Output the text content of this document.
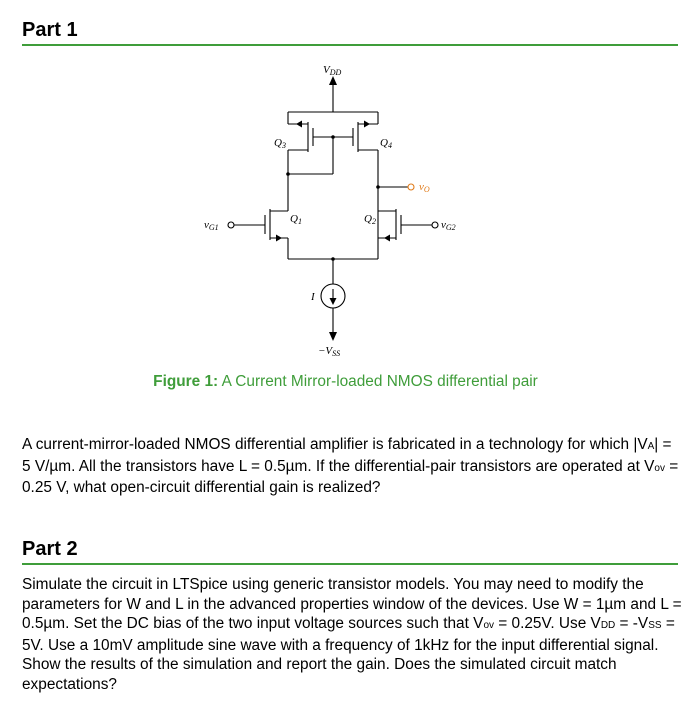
Part 1
VDD
−VSS
vO
vG1	vG2
Q1	Q2
Q3	Q4
I

Figure 1: A Current Mirror-loaded NMOS differential pair

A current-mirror-loaded NMOS differential amplifier is fabricated in a technology for which |VA| = 5 V/µm. All the transistors have L = 0.5µm. If the differential-pair transistors are operated at Vov = 0.25 V, what open-circuit differential gain is realized?

Part 2

Simulate the circuit in LTSpice using generic transistor models. You may need to modify the parameters for W and L in the advanced properties window of the devices. Use W = 1µm and L = 0.5µm. Set the DC bias of the two input voltage sources such that Vov = 0.25V. Use VDD = -VSS = 5V. Use a 10mV amplitude sine wave with a frequency of 1kHz for the input differential signal. Show the results of the simulation and report the gain. Does the simulated circuit match expectations?
